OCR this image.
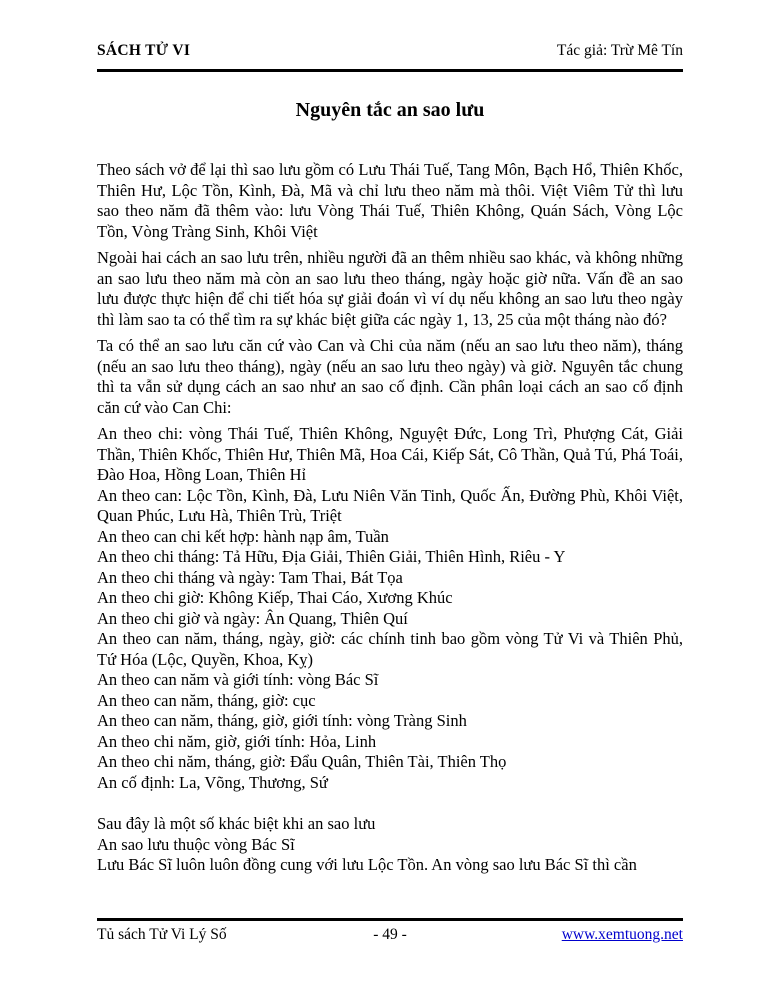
SÁCH TỬ VI	Tác giả: Trừ Mê Tín
Nguyên tắc an sao lưu

Theo sách vở để lại thì sao lưu gồm có Lưu Thái Tuế, Tang Môn, Bạch Hổ, Thiên Khốc, Thiên Hư, Lộc Tồn, Kình, Đà, Mã và chỉ lưu theo năm mà thôi. Việt Viêm Tử thì lưu sao theo năm đã thêm vào: lưu Vòng Thái Tuế, Thiên Không, Quán Sách, Vòng Lộc Tồn, Vòng Tràng Sinh, Khôi Việt

Ngoài hai cách an sao lưu trên, nhiều người đã an thêm nhiều sao khác, và không những an sao lưu theo năm mà còn an sao lưu theo tháng, ngày hoặc giờ nữa. Vấn đề an sao lưu được thực hiện để chi tiết hóa sự giải đoán vì ví dụ nếu không an sao lưu theo ngày thì làm sao ta có thể tìm ra sự khác biệt giữa các ngày 1, 13, 25 của một tháng nào đó?

Ta có thể an sao lưu căn cứ vào Can và Chi của năm (nếu an sao lưu theo năm), tháng (nếu an sao lưu theo tháng), ngày (nếu an sao lưu theo ngày) và giờ. Nguyên tắc chung thì ta vẫn sử dụng cách an sao như an sao cố định. Cần phân loại cách an sao cố định căn cứ vào Can Chi:

An theo chi: vòng Thái Tuế, Thiên Không, Nguyệt Đức, Long Trì, Phượng Cát, Giải Thần, Thiên Khốc, Thiên Hư, Thiên Mã, Hoa Cái, Kiếp Sát, Cô Thần, Quả Tú, Phá Toái, Đào Hoa, Hồng Loan, Thiên Hỉ

An theo can: Lộc Tồn, Kình, Đà, Lưu Niên Văn Tinh, Quốc Ấn, Đường Phù, Khôi Việt, Quan Phúc, Lưu Hà, Thiên Trù, Triệt

An theo can chi kết hợp: hành nạp âm, Tuần

An theo chi tháng: Tả Hữu, Địa Giải, Thiên Giải, Thiên Hình, Riêu - Y

An theo chi tháng và ngày: Tam Thai, Bát Tọa

An theo chi giờ: Không Kiếp, Thai Cáo, Xương Khúc

An theo chi giờ và ngày: Ân Quang, Thiên Quí

An theo can năm, tháng, ngày, giờ: các chính tinh bao gồm vòng Tử Vi và Thiên Phủ, Tứ Hóa (Lộc, Quyền, Khoa, Kỵ)

An theo can năm và giới tính: vòng Bác Sĩ

An theo can năm, tháng, giờ: cục

An theo can năm, tháng, giờ, giới tính: vòng Tràng Sinh

An theo chi năm, giờ, giới tính: Hỏa, Linh

An theo chi năm, tháng, giờ: Đẩu Quân, Thiên Tài, Thiên Thọ

An cố định: La, Võng, Thương, Sứ

Sau đây là một số khác biệt khi an sao lưu

An sao lưu thuộc vòng Bác Sĩ

Lưu Bác Sĩ luôn luôn đồng cung với lưu Lộc Tồn. An vòng sao lưu Bác Sĩ thì cần

Tủ sách Tử Vi Lý Số	- 49 -	www.xemtuong.net
